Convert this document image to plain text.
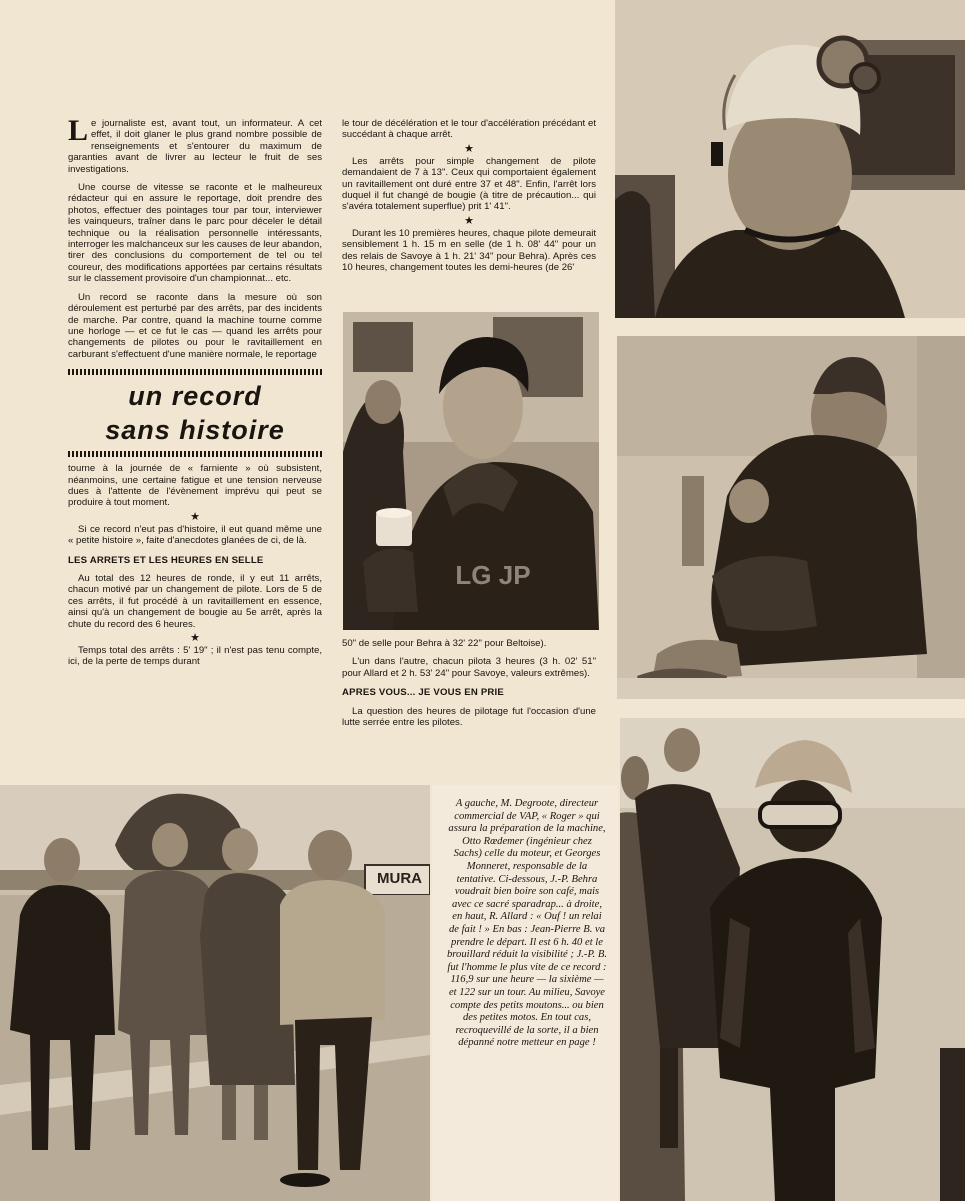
Le journaliste est, avant tout, un informateur. A cet effet, il doit glaner le plus grand nombre possible de renseignements et s'entourer du maximum de garanties avant de livrer au lecteur le fruit de ses investigations.

Une course de vitesse se raconte et le malheureux rédacteur qui en assure le reportage, doit prendre des photos, effectuer des pointages tour par tour, interviewer les vainqueurs, traîner dans le parc pour déceler le détail technique ou la réalisation personnelle intéressants, interroger les malchanceux sur les causes de leur abandon, tirer des conclusions du comportement de tel ou tel coureur, des modifications apportées par certains résultats sur le classement provisoire d'un championnat... etc.

Un record se raconte dans la mesure où son déroulement est perturbé par des arrêts, par des incidents de marche. Par contre, quand la machine tourne comme une horloge — et ce fut le cas — quand les arrêts pour changements de pilotes ou pour le ravitaillement en carburant s'effectuent d'une manière normale, le reportage

un record
sans histoire

tourne à la journée de « farniente » où subsistent, néanmoins, une certaine fatigue et une tension nerveuse dues à l'attente de l'évènement imprévu qui peut se produire à tout moment.

★

Si ce record n'eut pas d'histoire, il eut quand même une « petite histoire », faite d'anecdotes glanées de ci, de là.

LES ARRETS ET LES HEURES EN SELLE

Au total des 12 heures de ronde, il y eut 11 arrêts, chacun motivé par un changement de pilote. Lors de 5 de ces arrêts, il fut procédé à un ravitaillement en essence, ainsi qu'à un changement de bougie au 5e arrêt, après la chute du record des 6 heures.

★

Temps total des arrêts : 5' 19" ; il n'est pas tenu compte, ici, de la perte de temps durant

le tour de décélération et le tour d'accélération précédant et succédant à chaque arrêt.

★

Les arrêts pour simple changement de pilote demandaient de 7 à 13". Ceux qui comportaient également un ravitaillement ont duré entre 37 et 48". Enfin, l'arrêt lors duquel il fut changé de bougie (à titre de précaution... qui s'avéra totalement superflue) prit 1' 41".

★

Durant les 10 premières heures, chaque pilote demeurait sensiblement 1 h. 15 m en selle (de 1 h. 08' 44" pour un des relais de Savoye à 1 h. 21' 34" pour Behra). Après ces 10 heures, changement toutes les demi-heures (de 26'

50" de selle pour Behra à 32' 22" pour Beltoise).

L'un dans l'autre, chacun pilota 3 heures (3 h. 02' 51" pour Allard et 2 h. 53' 24" pour Savoye, valeurs extrêmes).

APRES VOUS... JE VOUS EN PRIE

La question des heures de pilotage fut l'occasion d'une lutte serrée entre les pilotes.

LG JP
MURA
A gauche, M. Degroote, directeur commercial de VAP, « Roger » qui assura la préparation de la machine, Otto Rœdemer (ingénieur chez Sachs) celle du moteur, et Georges Monneret, responsable de la tentative. Ci-dessous, J.-P. Behra voudrait bien boire son café, mais avec ce sacré sparadrap... à droite, en haut, R. Allard : « Ouf ! un relai de fait ! » En bas : Jean-Pierre B. va prendre le départ. Il est 6 h. 40 et le brouillard réduit la visibilité ; J.-P. B. fut l'homme le plus vite de ce record : 116,9 sur une heure — la sixième — et 122 sur un tour. Au milieu, Savoye compte des petits moutons... ou bien des petites motos. En tout cas, recroquevillé de la sorte, il a bien dépanné notre metteur en page !
